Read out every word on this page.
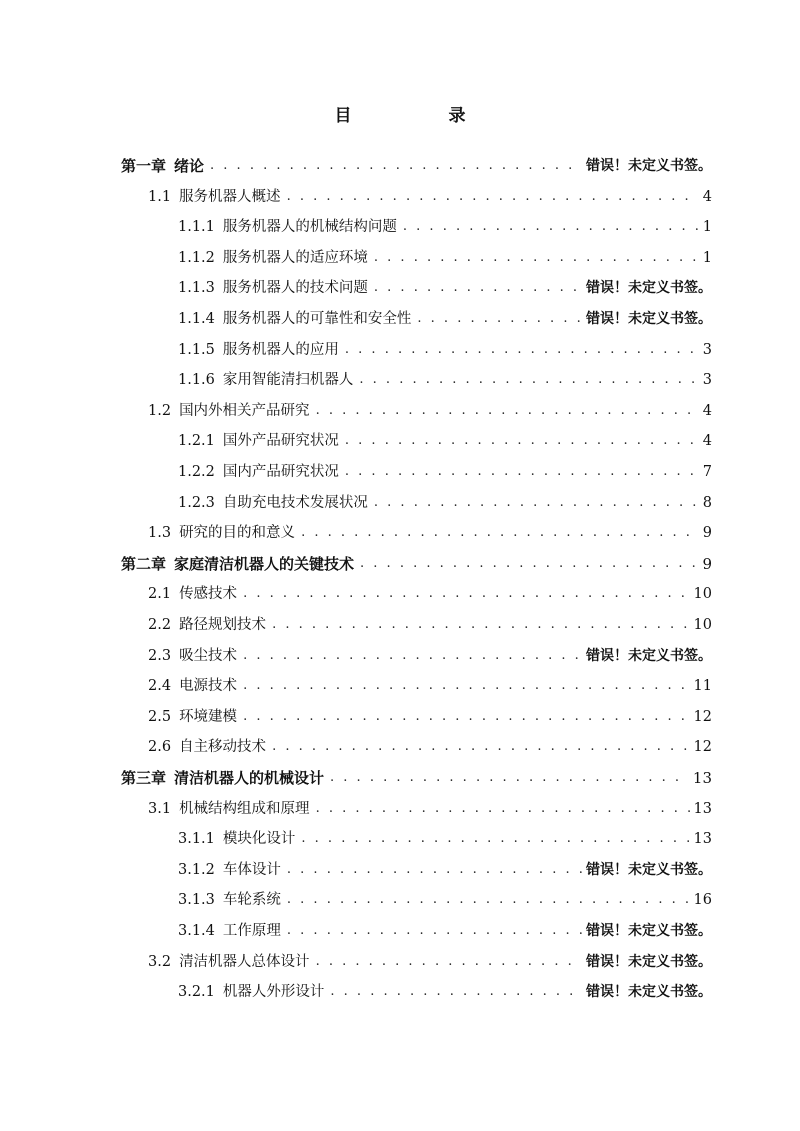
目　录
第一章 绪论 . . .	错误！未定义书签。
1.1 服务机器人概述 . . .	4
1.1.1 服务机器人的机械结构问题 . . .	1
1.1.2 服务机器人的适应环境 . . .	1
1.1.3 服务机器人的技术问题 . . .	错误！未定义书签。
1.1.4 服务机器人的可靠性和安全性 . . .	错误！未定义书签。
1.1.5 服务机器人的应用 . . .	3
1.1.6 家用智能清扫机器人 . . .	3
1.2 国内外相关产品研究 . . .	4
1.2.1 国外产品研究状况 . . .	4
1.2.2 国内产品研究状况 . . .	7
1.2.3 自助充电技术发展状况 . . .	8
1.3 研究的目的和意义 . . .	9
第二章 家庭清洁机器人的关键技术 . . .	9
2.1 传感技术 . . .	10
2.2 路径规划技术 . . .	10
2.3 吸尘技术 . . .	错误！未定义书签。
2.4 电源技术 . . .	11
2.5 环境建模 . . .	12
2.6 自主移动技术 . . .	12
第三章 清洁机器人的机械设计 . . .	13
3.1 机械结构组成和原理 . . .	13
3.1.1 模块化设计 . . .	13
3.1.2 车体设计 . . .	错误！未定义书签。
3.1.3 车轮系统 . . .	16
3.1.4 工作原理 . . .	错误！未定义书签。
3.2 清洁机器人总体设计 . . .	错误！未定义书签。
3.2.1 机器人外形设计 . . .	错误！未定义书签。
